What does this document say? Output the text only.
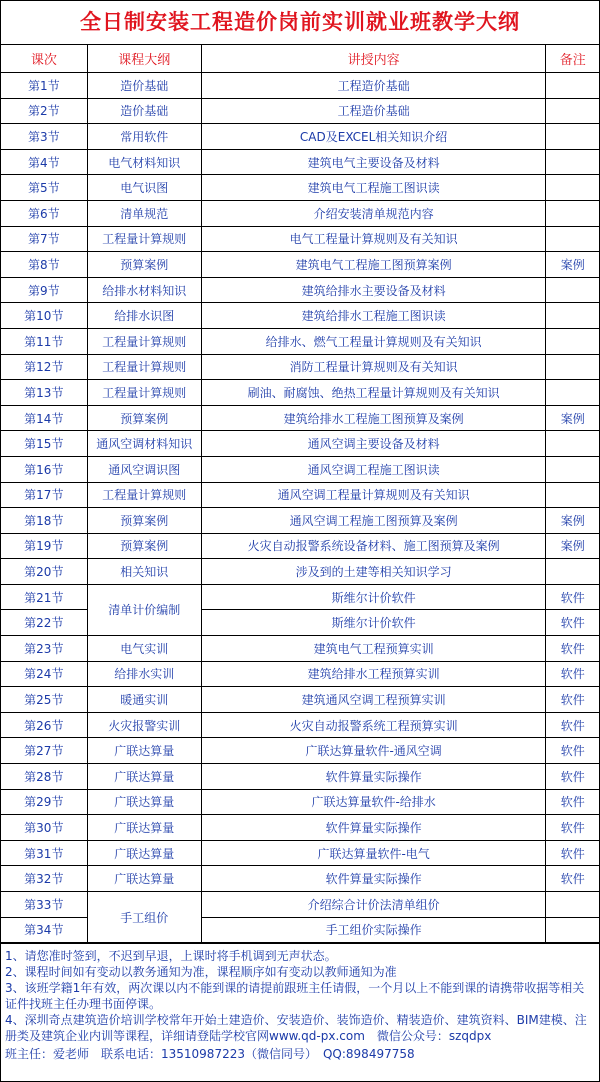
全日制安装工程造价岗前实训就业班教学大纲
课次	课程大纲	讲授内容	备注
第1节	造价基础	工程造价基础	
第2节	造价基础	工程造价基础	
第3节	常用软件	CAD及EXCEL相关知识介绍	
第4节	电气材料知识	建筑电气主要设备及材料	
第5节	电气识图	建筑电气工程施工图识读	
第6节	清单规范	介绍安装清单规范内容	
第7节	工程量计算规则	电气工程量计算规则及有关知识	
第8节	预算案例	建筑电气工程施工图预算案例	案例
第9节	给排水材料知识	建筑给排水主要设备及材料	
第10节	给排水识图	建筑给排水工程施工图识读	
第11节	工程量计算规则	给排水、燃气工程量计算规则及有关知识	
第12节	工程量计算规则	消防工程量计算规则及有关知识	
第13节	工程量计算规则	刷油、耐腐蚀、绝热工程量计算规则及有关知识	
第14节	预算案例	建筑给排水工程施工图预算及案例	案例
第15节	通风空调材料知识	通风空调主要设备及材料	
第16节	通风空调识图	通风空调工程施工图识读	
第17节	工程量计算规则	通风空调工程量计算规则及有关知识	
第18节	预算案例	通风空调工程施工图预算及案例	案例
第19节	预算案例	火灾自动报警系统设备材料、施工图预算及案例	案例
第20节	相关知识	涉及到的土建等相关知识学习	
第21节	清单计价编制	斯维尔计价软件	软件
第22节		斯维尔计价软件	软件
第23节	电气实训	建筑电气工程预算实训	软件
第24节	给排水实训	建筑给排水工程预算实训	软件
第25节	暖通实训	建筑通风空调工程预算实训	软件
第26节	火灾报警实训	火灾自动报警系统工程预算实训	软件
第27节	广联达算量	广联达算量软件-通风空调	软件
第28节	广联达算量	软件算量实际操作	软件
第29节	广联达算量	广联达算量软件-给排水	软件
第30节	广联达算量	软件算量实际操作	软件
第31节	广联达算量	广联达算量软件-电气	软件
第32节	广联达算量	软件算量实际操作	软件
第33节	手工组价	介绍综合计价法清单组价	
第34节		手工组价实际操作	

1、请您准时签到，不迟到早退，上课时将手机调到无声状态。

2、课程时间如有变动以教务通知为准，课程顺序如有变动以教师通知为准

3、该班学籍1年有效，两次课以内不能到课的请提前跟班主任请假，一个月以上不能到课的请携带收据等相关证件找班主任办理书面停课。

4、深圳奇点建筑造价培训学校常年开始土建造价、安装造价、装饰造价、精装造价、建筑资料、BIM建模、注册类及建筑企业内训等课程，详细请登陆学校官网www.qd-px.com　微信公众号：szqdpx

班主任：爱老师　联系电话：13510987223（微信同号）　QQ:898497758
